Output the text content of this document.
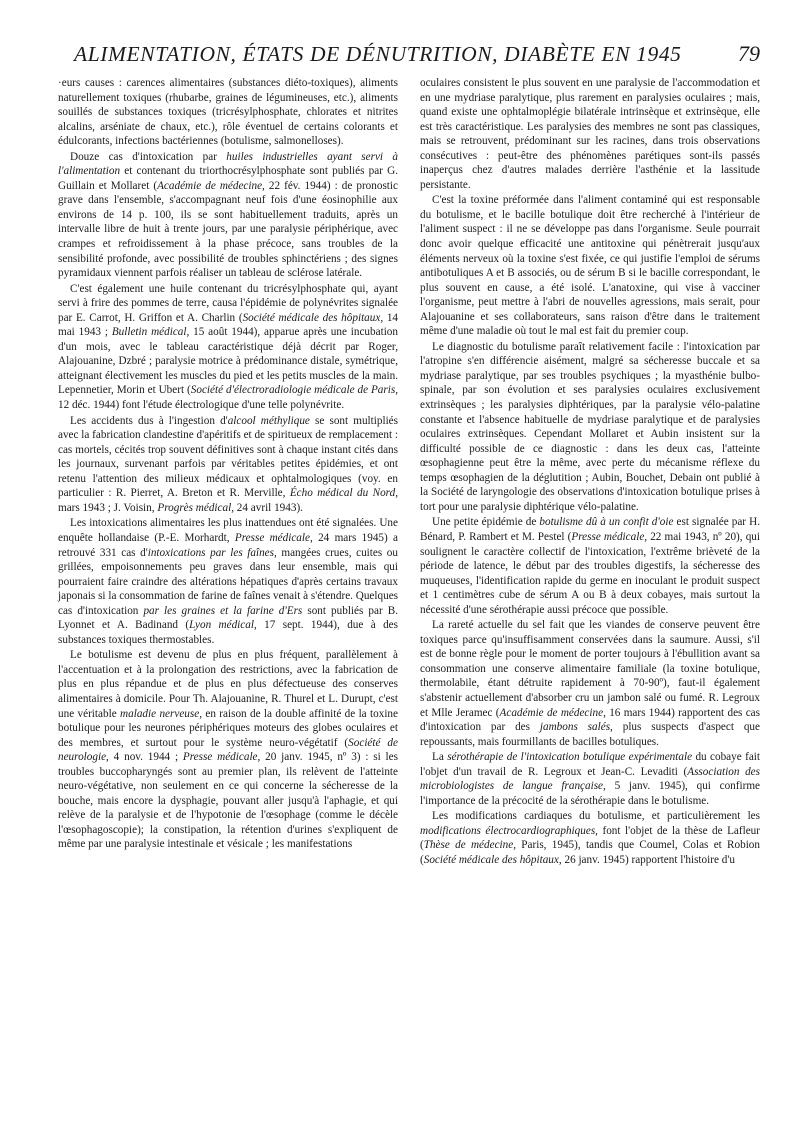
ALIMENTATION, ÉTATS DE DÉNUTRITION, DIABÈTE EN 1945	79

·eurs causes : carences alimentaires (substances diéto-toxiques), aliments naturellement toxiques (rhubarbe, graines de légumineuses, etc.), aliments souillés de substances toxiques (tricrésylphosphate, chlorates et nitrites alcalins, arséniate de chaux, etc.), rôle éventuel de certains colorants et édulcorants, infections bactériennes (botulisme, salmonelloses).

Douze cas d'intoxication par huiles industrielles ayant servi à l'alimentation et contenant du triorthocrésylphosphate sont publiés par G. Guillain et Mollaret (Académie de médecine, 22 fév. 1944) : de pronostic grave dans l'ensemble, s'accompagnant neuf fois d'une éosinophilie aux environs de 14 p. 100, ils se sont habituellement traduits, après un intervalle libre de huit à trente jours, par une paralysie périphérique, avec crampes et refroidissement à la phase précoce, sans troubles de la sensibilité profonde, avec possibilité de troubles sphinctériens ; des signes pyramidaux viennent parfois réaliser un tableau de sclérose latérale.

C'est également une huile contenant du tricrésylphosphate qui, ayant servi à frire des pommes de terre, causa l'épidémie de polynévrites signalée par E. Carrot, H. Griffon et A. Charlin (Société médicale des hôpitaux, 14 mai 1943 ; Bulletin médical, 15 août 1944), apparue après une incubation d'un mois, avec le tableau caractéristique déjà décrit par Roger, Alajouanine, Dzbré ; paralysie motrice à prédominance distale, symétrique, atteignant électivement les muscles du pied et les petits muscles de la main. Lepennetier, Morin et Ubert (Société d'électroradiologie médicale de Paris, 12 déc. 1944) font l'étude électrologique d'une telle polynévrite.

Les accidents dus à l'ingestion d'alcool méthylique se sont multipliés avec la fabrication clandestine d'apéritifs et de spiritueux de remplacement : cas mortels, cécités trop souvent définitives sont à chaque instant cités dans les journaux, survenant parfois par véritables petites épidémies, et ont retenu l'attention des milieux médicaux et ophtalmologiques (voy. en particulier : R. Pierret, A. Breton et R. Merville, Écho médical du Nord, mars 1943 ; J. Voisin, Progrès médical, 24 avril 1943).

Les intoxications alimentaires les plus inattendues ont été signalées. Une enquête hollandaise (P.-E. Morhardt, Presse médicale, 24 mars 1945) a retrouvé 331 cas d'intoxications par les faînes, mangées crues, cuites ou grillées, empoisonnements peu graves dans leur ensemble, mais qui pourraient faire craindre des altérations hépatiques d'après certains travaux japonais si la consommation de farine de faînes venait à s'étendre. Quelques cas d'intoxication par les graines et la farine d'Ers sont publiés par B. Lyonnet et A. Badinand (Lyon médical, 17 sept. 1944), due à des substances toxiques thermostables.

Le botulisme est devenu de plus en plus fréquent, parallèlement à l'accentuation et à la prolongation des restrictions, avec la fabrication de plus en plus répandue et de plus en plus défectueuse des conserves alimentaires à domicile. Pour Th. Alajouanine, R. Thurel et L. Durupt, c'est une véritable maladie nerveuse, en raison de la double affinité de la toxine botulique pour les neurones périphériques moteurs des globes oculaires et des membres, et surtout pour le système neuro-végétatif (Société de neurologie, 4 nov. 1944 ; Presse médicale, 20 janv. 1945, nº 3) : si les troubles buccopharyngés sont au premier plan, ils relèvent de l'atteinte neuro-végétative, non seulement en ce qui concerne la sécheresse de la bouche, mais encore la dysphagie, pouvant aller jusqu'à l'aphagie, et qui relève de la paralysie et de l'hypotonie de l'œsophage (comme le décèle l'œsophagoscopie); la constipation, la rétention d'urines s'expliquent de même par une paralysie intestinale et vésicale ; les manifestations

oculaires consistent le plus souvent en une paralysie de l'accommodation et en une mydriase paralytique, plus rarement en paralysies oculaires ; mais, quand existe une ophtalmoplégie bilatérale intrinsèque et extrinsèque, elle est très caractéristique. Les paralysies des membres ne sont pas classiques, mais se retrouvent, prédominant sur les racines, dans trois observations consécutives : peut-être des phénomènes parétiques sont-ils passés inaperçus chez d'autres malades derrière l'asthénie et la lassitude persistante.

C'est la toxine préformée dans l'aliment contaminé qui est responsable du botulisme, et le bacille botulique doit être recherché à l'intérieur de l'aliment suspect : il ne se développe pas dans l'organisme. Seule pourrait donc avoir quelque efficacité une antitoxine qui pénètrerait jusqu'aux éléments nerveux où la toxine s'est fixée, ce qui justifie l'emploi de sérums antibotuliques A et B associés, ou de sérum B si le bacille correspondant, le plus souvent en cause, a été isolé. L'anatoxine, qui vise à vacciner l'organisme, peut mettre à l'abri de nouvelles agressions, mais serait, pour Alajouanine et ses collaborateurs, sans raison d'être dans le traitement même d'une maladie où tout le mal est fait du premier coup.

Le diagnostic du botulisme paraît relativement facile : l'intoxication par l'atropine s'en différencie aisément, malgré sa sécheresse buccale et sa mydriase paralytique, par ses troubles psychiques ; la myasthénie bulbo-spinale, par son évolution et ses paralysies oculaires exclusivement extrinsèques ; les paralysies diphtériques, par la paralysie vélo-palatine constante et l'absence habituelle de mydriase paralytique et de paralysies oculaires extrinsèques. Cependant Mollaret et Aubin insistent sur la difficulté possible de ce diagnostic : dans les deux cas, l'atteinte œsophagienne peut être la même, avec perte du mécanisme réflexe du temps œsophagien de la déglutition ; Aubin, Bouchet, Debain ont publié à la Société de laryngologie des observations d'intoxication botulique prises à tort pour une paralysie diphtérique vélo-palatine.

Une petite épidémie de botulisme dû à un confit d'oie est signalée par H. Bénard, P. Rambert et M. Pestel (Presse médicale, 22 mai 1943, nº 20), qui soulignent le caractère collectif de l'intoxication, l'extrême brièveté de la période de latence, le début par des troubles digestifs, la sécheresse des muqueuses, l'identification rapide du germe en inoculant le produit suspect et 1 centimètres cube de sérum A ou B à deux cobayes, mais surtout la nécessité d'une sérothérapie aussi précoce que possible.

La rareté actuelle du sel fait que les viandes de conserve peuvent être toxiques parce qu'insuffisamment conservées dans la saumure. Aussi, s'il est de bonne règle pour le moment de porter toujours à l'ébullition avant sa consommation une conserve alimentaire familiale (la toxine botulique, thermolabile, étant détruite rapidement à 70-90º), faut-il également s'abstenir actuellement d'absorber cru un jambon salé ou fumé. R. Legroux et Mlle Jeramec (Académie de médecine, 16 mars 1944) rapportent des cas d'intoxication par des jambons salés, plus suspects d'aspect que repoussants, mais fourmillants de bacilles botuliques.

La sérothérapie de l'intoxication botulique expérimentale du cobaye fait l'objet d'un travail de R. Legroux et Jean-C. Levaditi (Association des microbiologistes de langue française, 5 janv. 1945), qui confirme l'importance de la précocité de la sérothérapie dans le botulisme.

Les modifications cardiaques du botulisme, et particulièrement les modifications électrocardiographiques, font l'objet de la thèse de Lafleur (Thèse de médecine, Paris, 1945), tandis que Coumel, Colas et Robion (Société médicale des hôpitaux, 26 janv. 1945) rapportent l'histoire d'u
